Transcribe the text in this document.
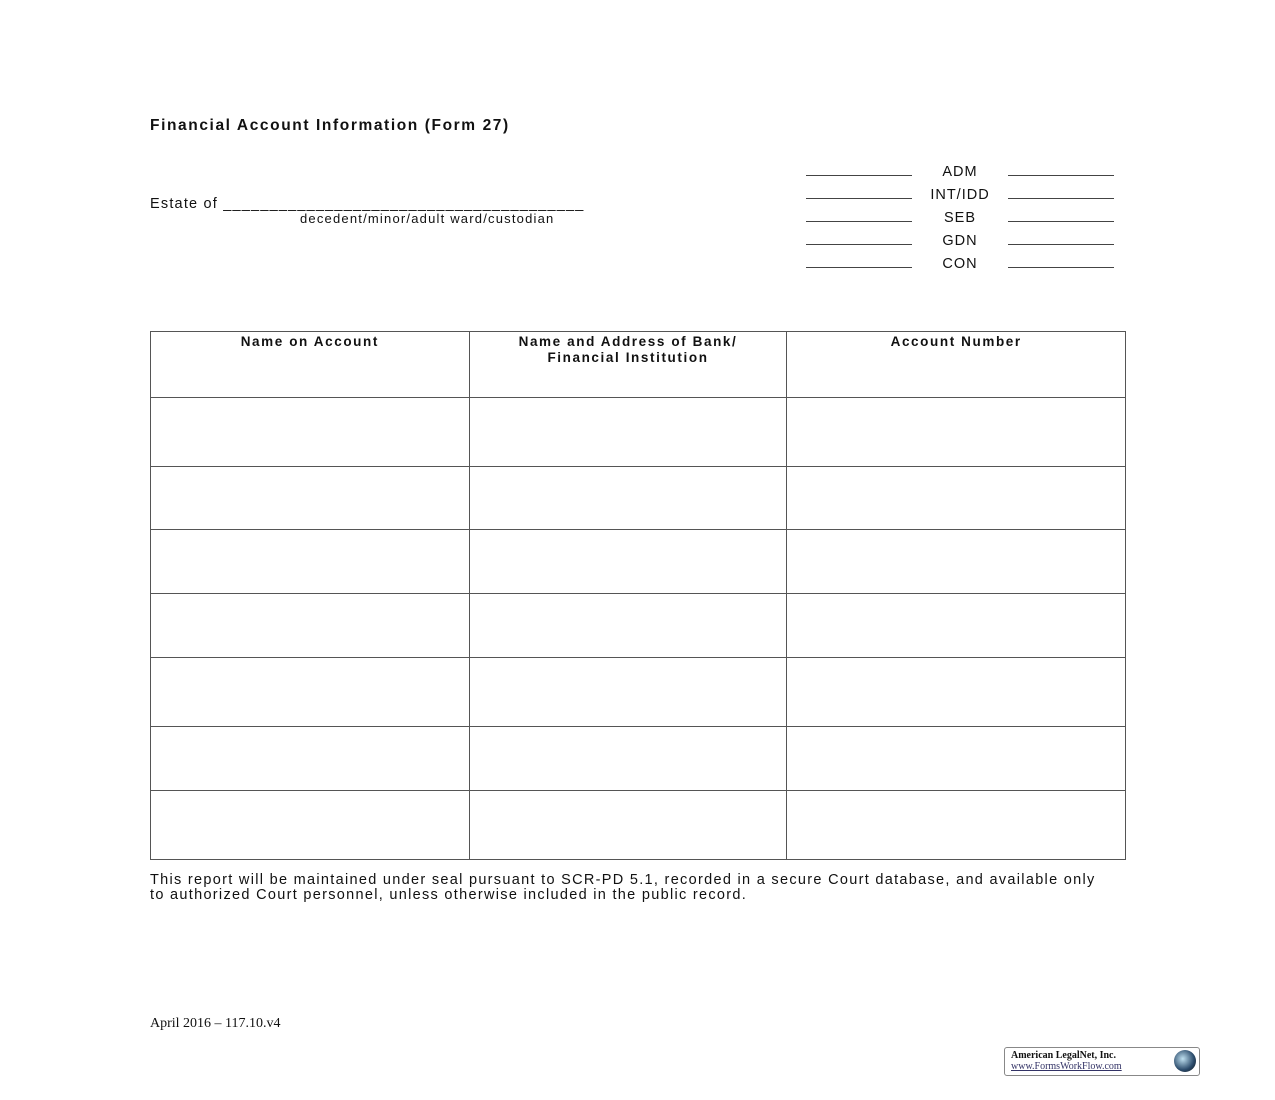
Financial Account Information (Form 27)
Estate of _______________________________________
decedent/minor/adult ward/custodian
ADM
INT/IDD
SEB
GDN
CON
Name on Account	Name and Address of Bank/ Financial Institution	Account Number

This report will be maintained under seal pursuant to SCR-PD 5.1, recorded in a secure Court database, and available only to authorized Court personnel, unless otherwise included in the public record.
April 2016 – 117.10.v4
American LegalNet, Inc.
www.FormsWorkFlow.com
